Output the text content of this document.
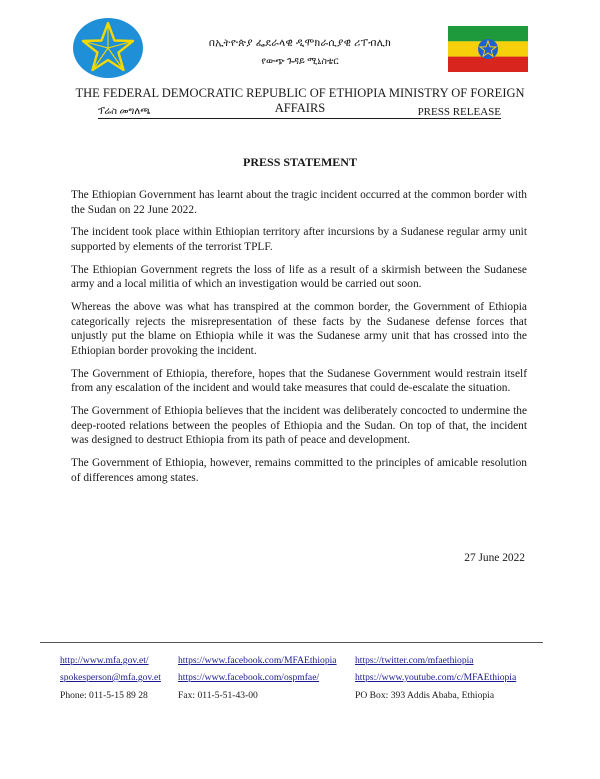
በኢትዮጵያ ፌደራላዊ ዲሞክራሲያዊ ሪፐብሊክ
የውጭ ጉዳይ ሚኒስቴር
THE FEDERAL DEMOCRATIC REPUBLIC OF ETHIOPIA MINISTRY OF FOREIGN AFFAIRS
ፕሬስ መግለጫ	PRESS RELEASE
PRESS STATEMENT

The Ethiopian Government has learnt about the tragic incident occurred at the common border with the Sudan on 22 June 2022.

The incident took place within Ethiopian territory after incursions by a Sudanese regular army unit supported by elements of the terrorist TPLF.

The Ethiopian Government regrets the loss of life as a result of a skirmish between the Sudanese army and a local militia of which an investigation would be carried out soon.

Whereas the above was what has transpired at the common border, the Government of Ethiopia categorically rejects the misrepresentation of these facts by the Sudanese defense forces that unjustly put the blame on Ethiopia while it was the Sudanese army unit that has crossed into the Ethiopian border provoking the incident.

The Government of Ethiopia, therefore, hopes that the Sudanese Government would restrain itself from any escalation of the incident and would take measures that could de-escalate the situation.

The Government of Ethiopia believes that the incident was deliberately concocted to undermine the deep-rooted relations between the peoples of Ethiopia and the Sudan. On top of that, the incident was designed to destruct Ethiopia from its path of peace and development.

The Government of Ethiopia, however, remains committed to the principles of amicable resolution of differences among states.

27 June 2022
http://www.mfa.gov.et/	https://www.facebook.com/MFAEthiopia https://twitter.com/mfaethiopia
spokesperson@mfa.gov.et https://www.facebook.com/ospmfae/	https://www.youtube.com/c/MFAEthiopia
Phone: 011-5-15 89 28	Fax: 011-5-51-43-00	PO Box: 393 Addis Ababa, Ethiopia
